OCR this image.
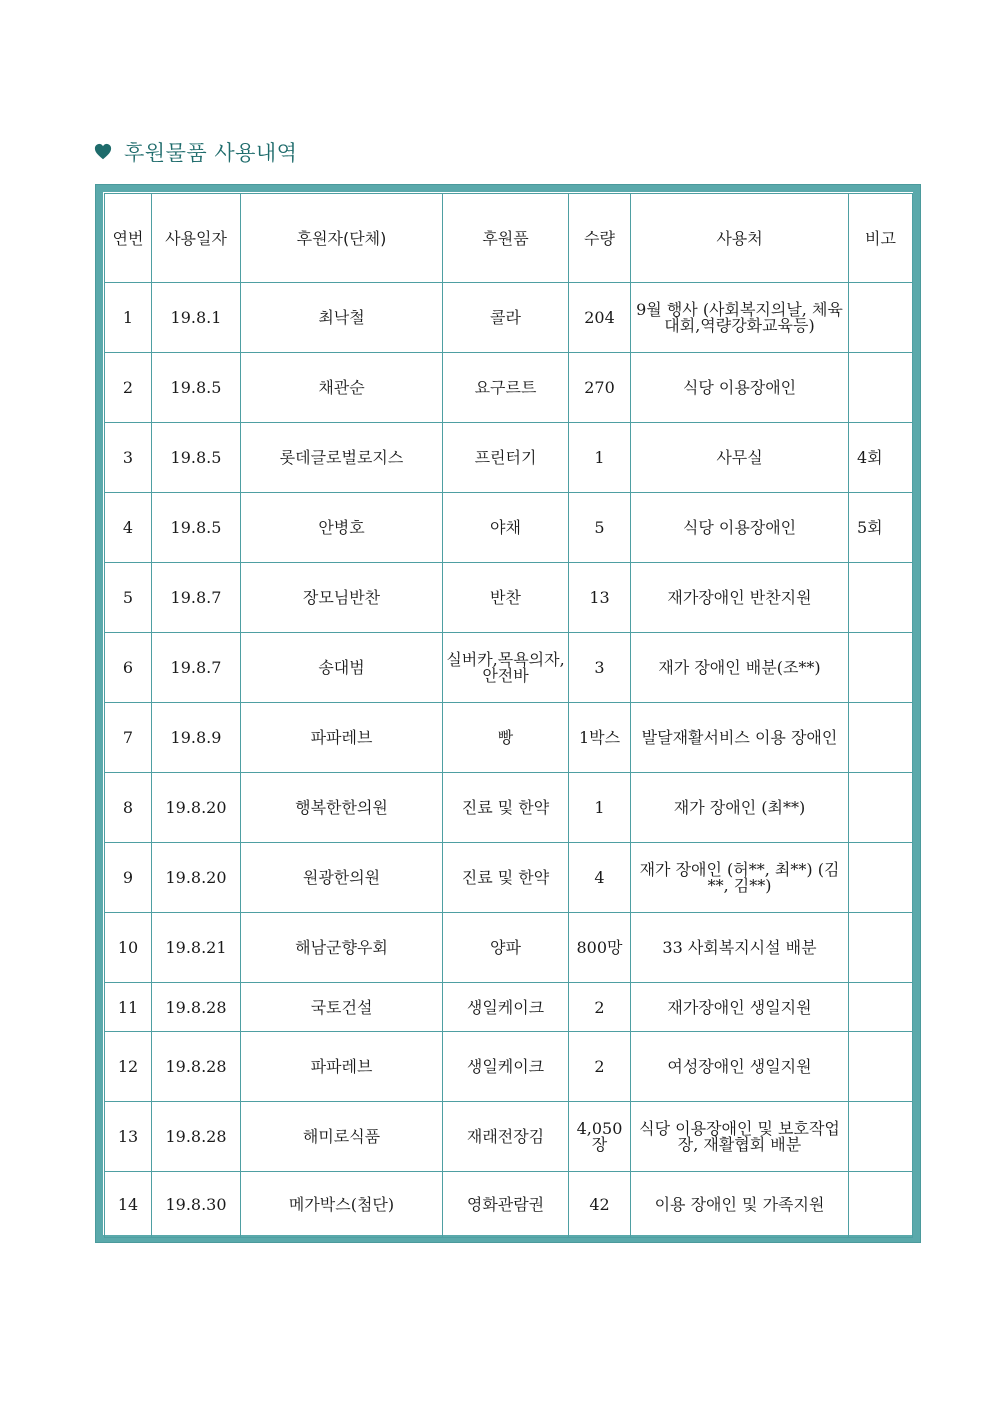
후원물품 사용내역
연번	사용일자	후원자(단체)	후원품	수량	사용처	비고
1	19.8.1	최낙철	콜라	204	9월 행사 (사회복지의날, 체육대회,역량강화교육등)	
2	19.8.5	채관순	요구르트	270	식당 이용장애인	
3	19.8.5	롯데글로벌로지스	프린터기	1	사무실	4회
4	19.8.5	안병호	야채	5	식당 이용장애인	5회
5	19.8.7	장모님반찬	반찬	13	재가장애인 반찬지원	
6	19.8.7	송대범	실버카,목욕의자,안전바	3	재가 장애인 배분(조**)	
7	19.8.9	파파레브	빵	1박스	발달재활서비스 이용 장애인	
8	19.8.20	행복한한의원	진료 및 한약	1	재가 장애인 (최**)	
9	19.8.20	원광한의원	진료 및 한약	4	재가 장애인 (허**, 최**) (김**, 김**)	
10	19.8.21	해남군향우회	양파	800망	33 사회복지시설 배분	
11	19.8.28	국토건설	생일케이크	2	재가장애인 생일지원	
12	19.8.28	파파레브	생일케이크	2	여성장애인 생일지원	
13	19.8.28	해미로식품	재래전장김	4,050장	식당 이용장애인 및 보호작업장, 재활협회 배분	
14	19.8.30	메가박스(첨단)	영화관람권	42	이용 장애인 및 가족지원	
